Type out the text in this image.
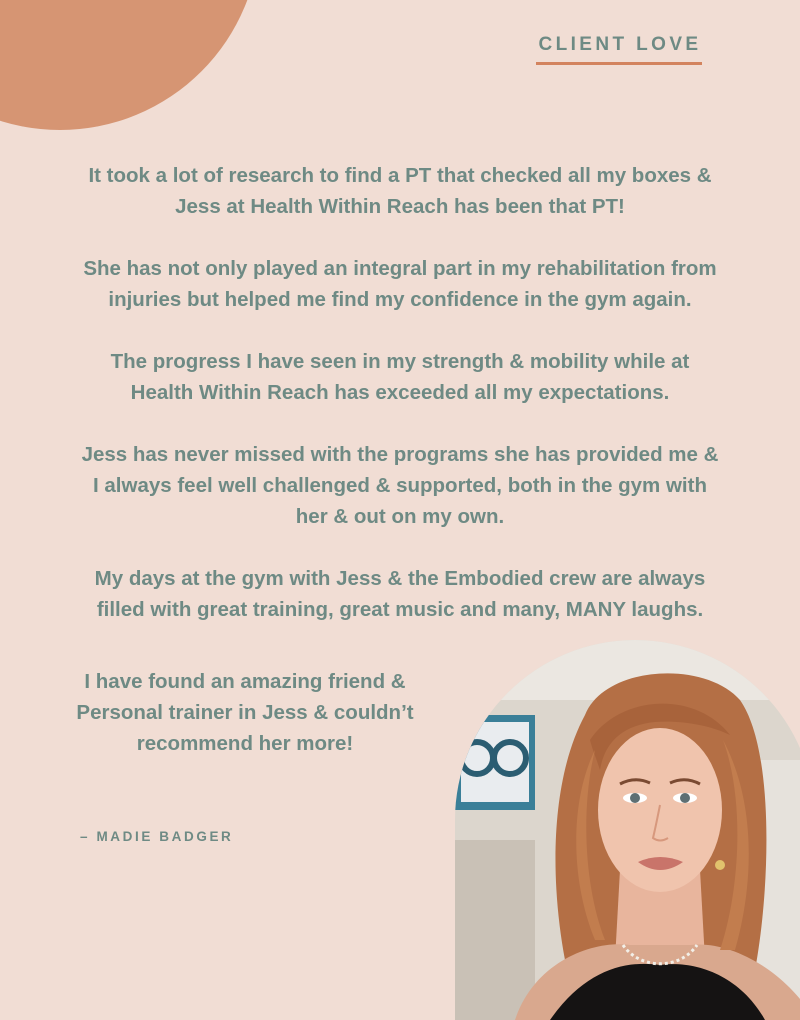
CLIENT LOVE

It took a lot of research to find a PT that checked all my boxes &
Jess at Health Within Reach has been that PT!

She has not only played an integral part in my rehabilitation from
injuries but helped me find my confidence in the gym again.

The progress I have seen in my strength & mobility while at
Health Within Reach has exceeded all my expectations.

Jess has never missed with the programs she has provided me &
I always feel well challenged & supported, both in the gym with
her & out on my own.

My days at the gym with Jess & the Embodied crew are always
filled with great training, great music and many, MANY laughs.

I have found an amazing friend &
Personal trainer in Jess & couldn’t
recommend her more!
– MADIE BADGER
